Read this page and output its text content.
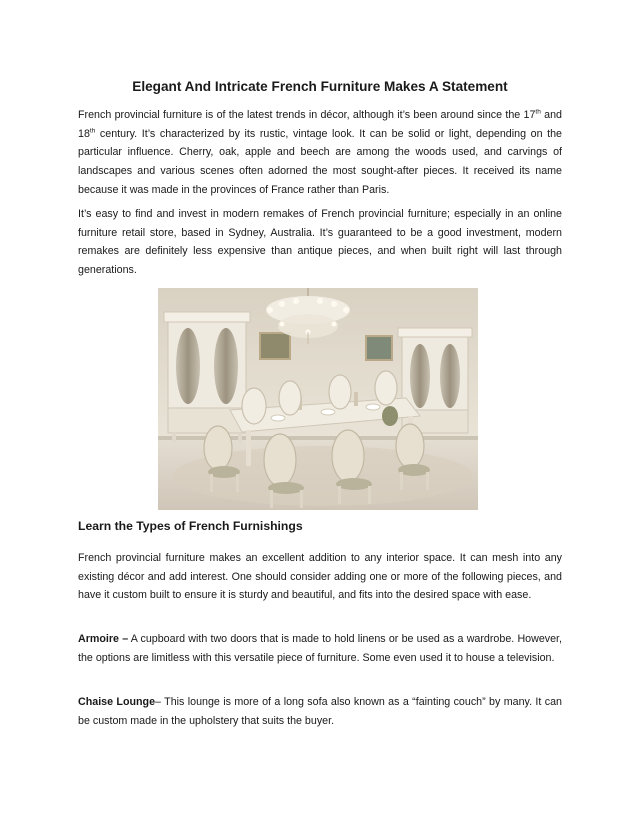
Elegant And Intricate French Furniture Makes A Statement

French provincial furniture is of the latest trends in décor, although it’s been around since the 17th and 18th century. It’s characterized by its rustic, vintage look. It can be solid or light, depending on the particular influence. Cherry, oak, apple and beech are among the woods used, and carvings of landscapes and various scenes often adorned the most sought-after pieces. It received its name because it was made in the provinces of France rather than Paris.

It’s easy to find and invest in modern remakes of French provincial furniture; especially in an online furniture retail store, based in Sydney, Australia. It’s guaranteed to be a good investment, modern remakes are definitely less expensive than antique pieces, and when built right will last through generations.

Learn the Types of French Furnishings

French provincial furniture makes an excellent addition to any interior space. It can mesh into any existing décor and add interest. One should consider adding one or more of the following pieces, and have it custom built to ensure it is sturdy and beautiful, and fits into the desired space with ease.

Armoire – A cupboard with two doors that is made to hold linens or be used as a wardrobe. However, the options are limitless with this versatile piece of furniture. Some even used it to house a television.

Chaise Lounge– This lounge is more of a long sofa also known as a “fainting couch” by many. It can be custom made in the upholstery that suits the buyer.
